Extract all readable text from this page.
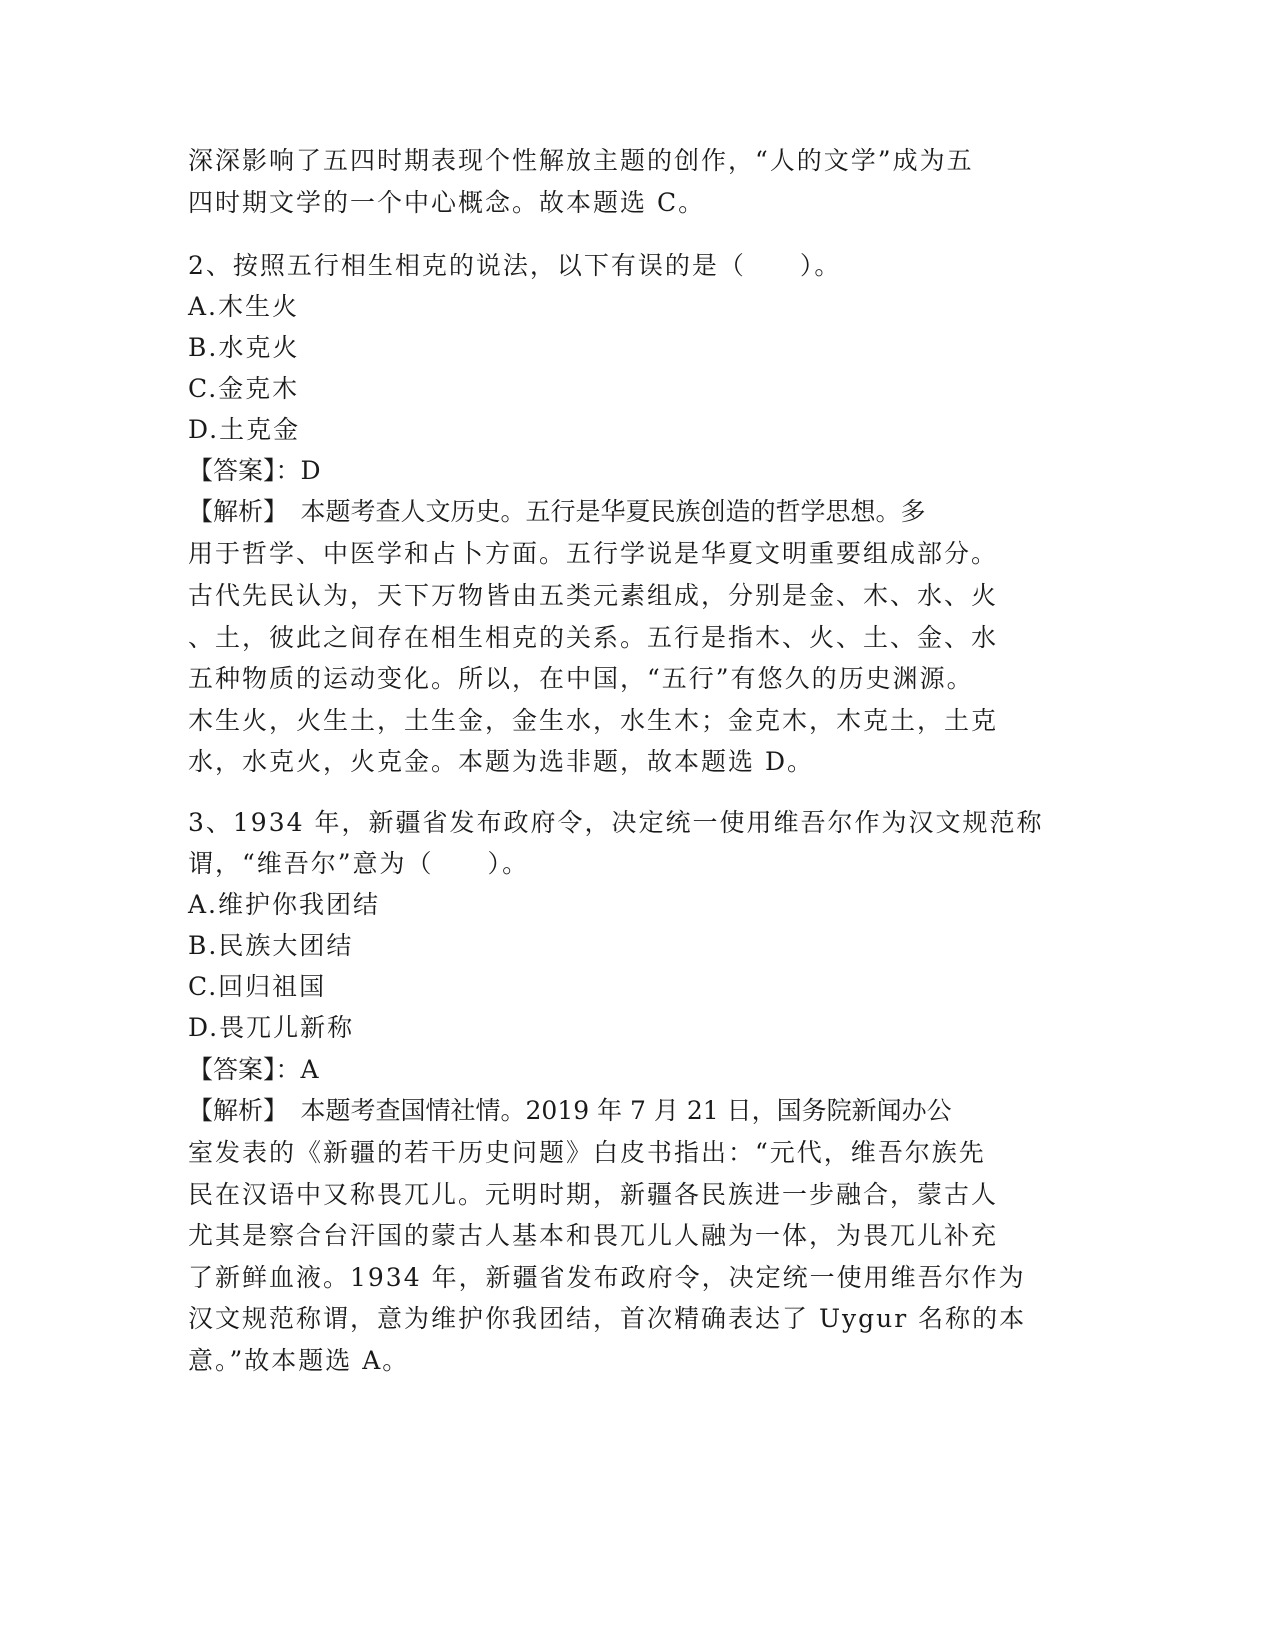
深深影响了五四时期表现个性解放主题的创作，“人的文学”成为五
四时期文学的一个中心概念。故本题选 C。
2、按照五行相生相克的说法，以下有误的是（　　）。
A.木生火
B.水克火
C.金克木
D.土克金
【答案】：D
【解析】　本题考查人文历史。五行是华夏民族创造的哲学思想。多
用于哲学、中医学和占卜方面。五行学说是华夏文明重要组成部分。
古代先民认为，天下万物皆由五类元素组成，分别是金、木、水、火
、土，彼此之间存在相生相克的关系。五行是指木、火、土、金、水
五种物质的运动变化。所以，在中国，“五行”有悠久的历史渊源。
木生火，火生土，土生金，金生水，水生木；金克木，木克土，土克
水，水克火，火克金。本题为选非题，故本题选 D。
3、1934 年，新疆省发布政府令，决定统一使用维吾尔作为汉文规范称
谓，“维吾尔”意为（　　）。
A.维护你我团结
B.民族大团结
C.回归祖国
D.畏兀儿新称
【答案】：A
【解析】　本题考查国情社情。2019 年 7 月 21 日，国务院新闻办公
室发表的《新疆的若干历史问题》白皮书指出：“元代，维吾尔族先
民在汉语中又称畏兀儿。元明时期，新疆各民族进一步融合，蒙古人
尤其是察合台汗国的蒙古人基本和畏兀儿人融为一体，为畏兀儿补充
了新鲜血液。1934 年，新疆省发布政府令，决定统一使用维吾尔作为
汉文规范称谓，意为维护你我团结，首次精确表达了 Uygur 名称的本
意。”故本题选 A。
